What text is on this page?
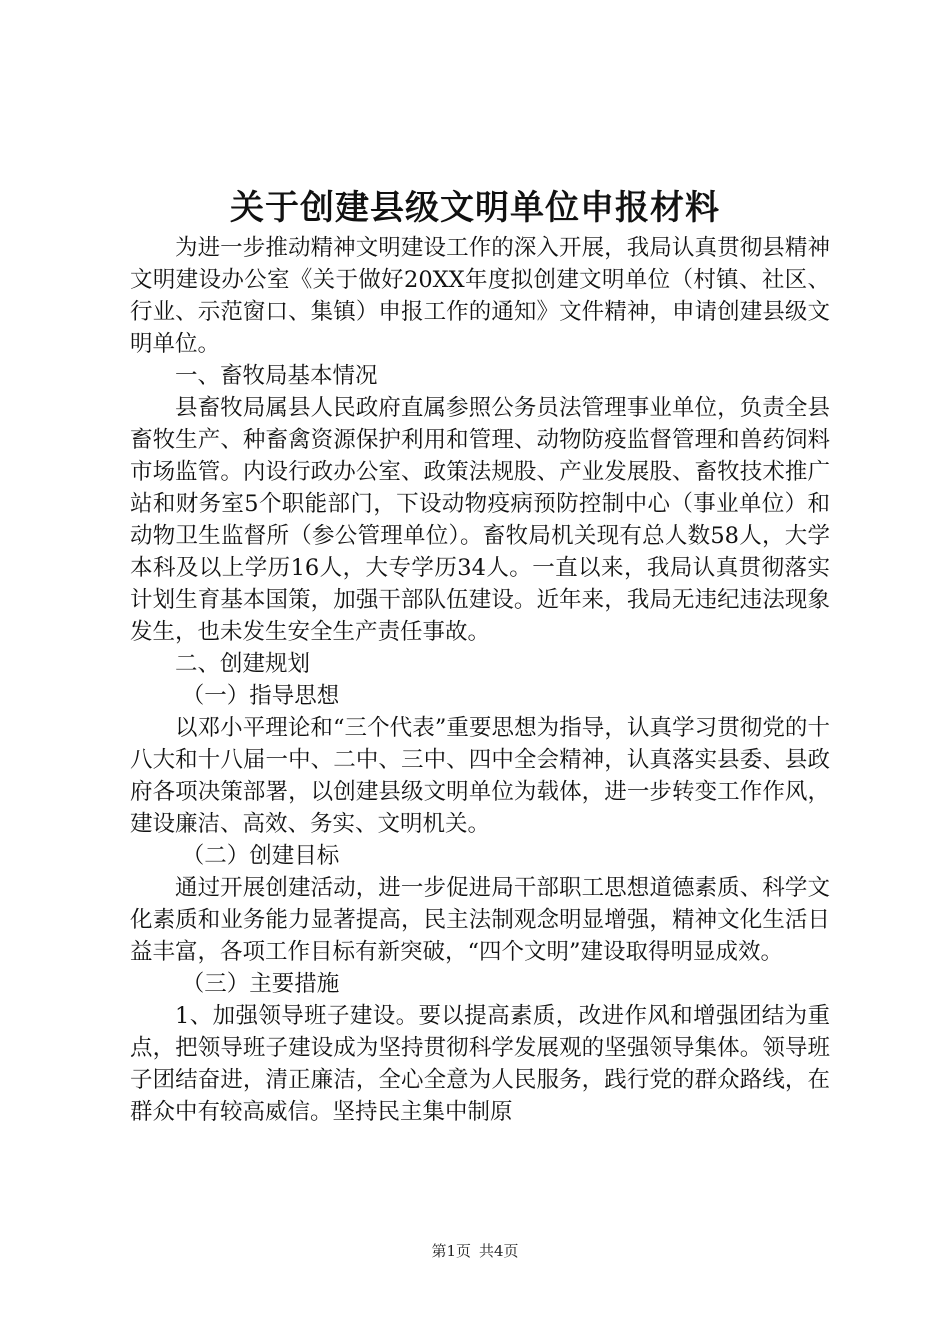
关于创建县级文明单位申报材料

为进一步推动精神文明建设工作的深入开展，我局认真贯彻县精神文明建设办公室《关于做好20XX年度拟创建文明单位（村镇、社区、行业、示范窗口、集镇）申报工作的通知》文件精神，申请创建县级文明单位。

一、畜牧局基本情况

县畜牧局属县人民政府直属参照公务员法管理事业单位，负责全县畜牧生产、种畜禽资源保护利用和管理、动物防疫监督管理和兽药饲料市场监管。内设行政办公室、政策法规股、产业发展股、畜牧技术推广站和财务室5个职能部门，下设动物疫病预防控制中心（事业单位）和动物卫生监督所（参公管理单位）。畜牧局机关现有总人数58人，大学本科及以上学历16人，大专学历34人。一直以来，我局认真贯彻落实计划生育基本国策，加强干部队伍建设。近年来，我局无违纪违法现象发生，也未发生安全生产责任事故。

二、创建规划

（一）指导思想

以邓小平理论和“三个代表”重要思想为指导，认真学习贯彻党的十八大和十八届一中、二中、三中、四中全会精神，认真落实县委、县政府各项决策部署，以创建县级文明单位为载体，进一步转变工作作风，建设廉洁、高效、务实、文明机关。

（二）创建目标

通过开展创建活动，进一步促进局干部职工思想道德素质、科学文化素质和业务能力显著提高，民主法制观念明显增强，精神文化生活日益丰富，各项工作目标有新突破，“四个文明”建设取得明显成效。

（三）主要措施

1、加强领导班子建设。要以提高素质，改进作风和增强团结为重点，把领导班子建设成为坚持贯彻科学发展观的坚强领导集体。领导班子团结奋进，清正廉洁，全心全意为人民服务，践行党的群众路线，在群众中有较高威信。坚持民主集中制原

第1页 共4页
